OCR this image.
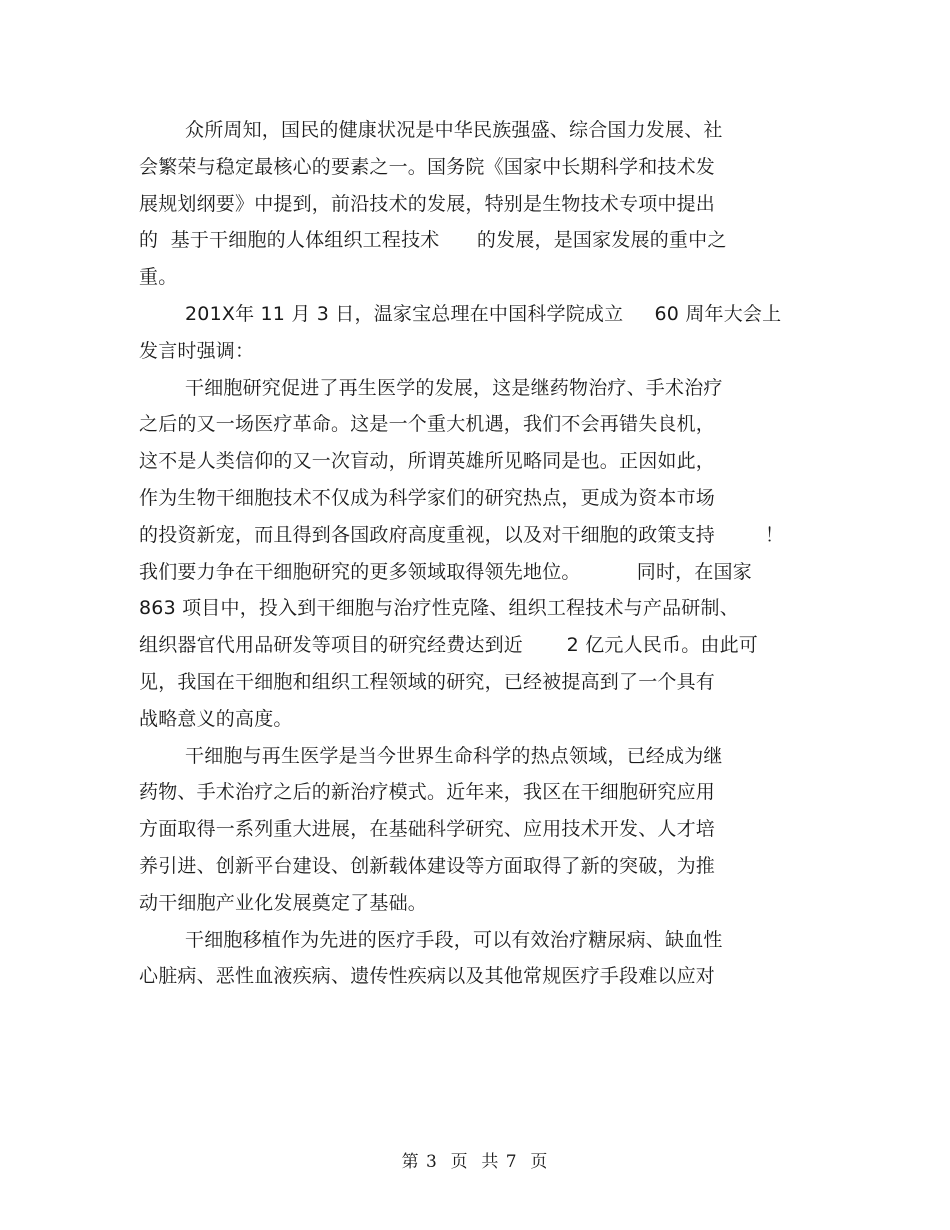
众所周知，国民的健康状况是中华民族强盛、综合国力发展、社
会繁荣与稳定最核心的要素之一。国务院《国家中长期科学和技术发
展规划纲要》中提到，前沿技术的发展，特别是生物技术专项中提出
的  基于干细胞的人体组织工程技术      的发展，是国家发展的重中之
重。
201X年 11 月 3 日，温家宝总理在中国科学院成立     60 周年大会上
发言时强调：
干细胞研究促进了再生医学的发展，这是继药物治疗、手术治疗
之后的又一场医疗革命。这是一个重大机遇，我们不会再错失良机，
这不是人类信仰的又一次盲动，所谓英雄所见略同是也。正因如此，
作为生物干细胞技术不仅成为科学家们的研究热点，更成为资本市场
的投资新宠，而且得到各国政府高度重视，以及对干细胞的政策支持        ！
我们要力争在干细胞研究的更多领域取得领先地位。         同时，在国家
863 项目中，投入到干细胞与治疗性克隆、组织工程技术与产品研制、
组织器官代用品研发等项目的研究经费达到近       2 亿元人民币。由此可
见，我国在干细胞和组织工程领域的研究，已经被提高到了一个具有
战略意义的高度。
干细胞与再生医学是当今世界生命科学的热点领域，已经成为继
药物、手术治疗之后的新治疗模式。近年来，我区在干细胞研究应用
方面取得一系列重大进展，在基础科学研究、应用技术开发、人才培
养引进、创新平台建设、创新载体建设等方面取得了新的突破，为推
动干细胞产业化发展奠定了基础。
干细胞移植作为先进的医疗手段，可以有效治疗糖尿病、缺血性
心脏病、恶性血液疾病、遗传性疾病以及其他常规医疗手段难以应对
第 3  页  共 7  页
